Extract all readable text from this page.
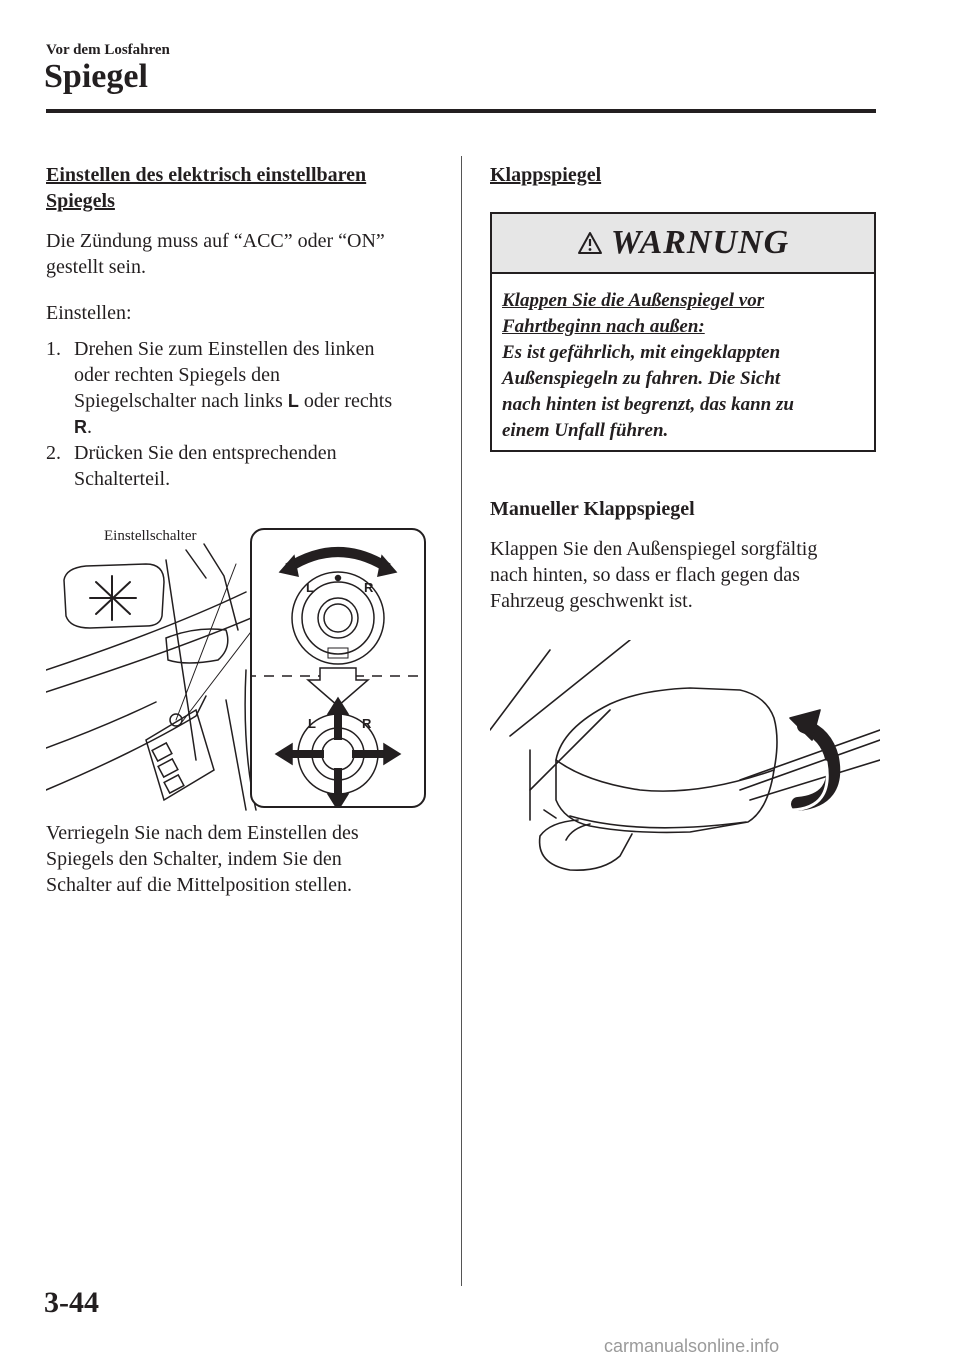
Vor dem Losfahren
Spiegel
Einstellen des elektrisch einstellbaren
Spiegels
Die Zündung muss auf “ACC” oder “ON”
gestellt sein.
Einstellen:
1. Drehen Sie zum Einstellen des linken
oder rechten Spiegels den
Spiegelschalter nach links L oder rechts
R.
2. Drücken Sie den entsprechenden
Schalterteil.
Einstellschalter
L	R
L	R
Verriegeln Sie nach dem Einstellen des
Spiegels den Schalter, indem Sie den
Schalter auf die Mittelposition stellen.
Klappspiegel
WARNUNG
Klappen Sie die Außenspiegel vor
Fahrtbeginn nach außen:
Es ist gefährlich, mit eingeklappten
Außenspiegeln zu fahren. Die Sicht
nach hinten ist begrenzt, das kann zu
einem Unfall führen.
Manueller Klappspiegel
Klappen Sie den Außenspiegel sorgfältig
nach hinten, so dass er flach gegen das
Fahrzeug geschwenkt ist.
3-44
carmanualsonline.info
